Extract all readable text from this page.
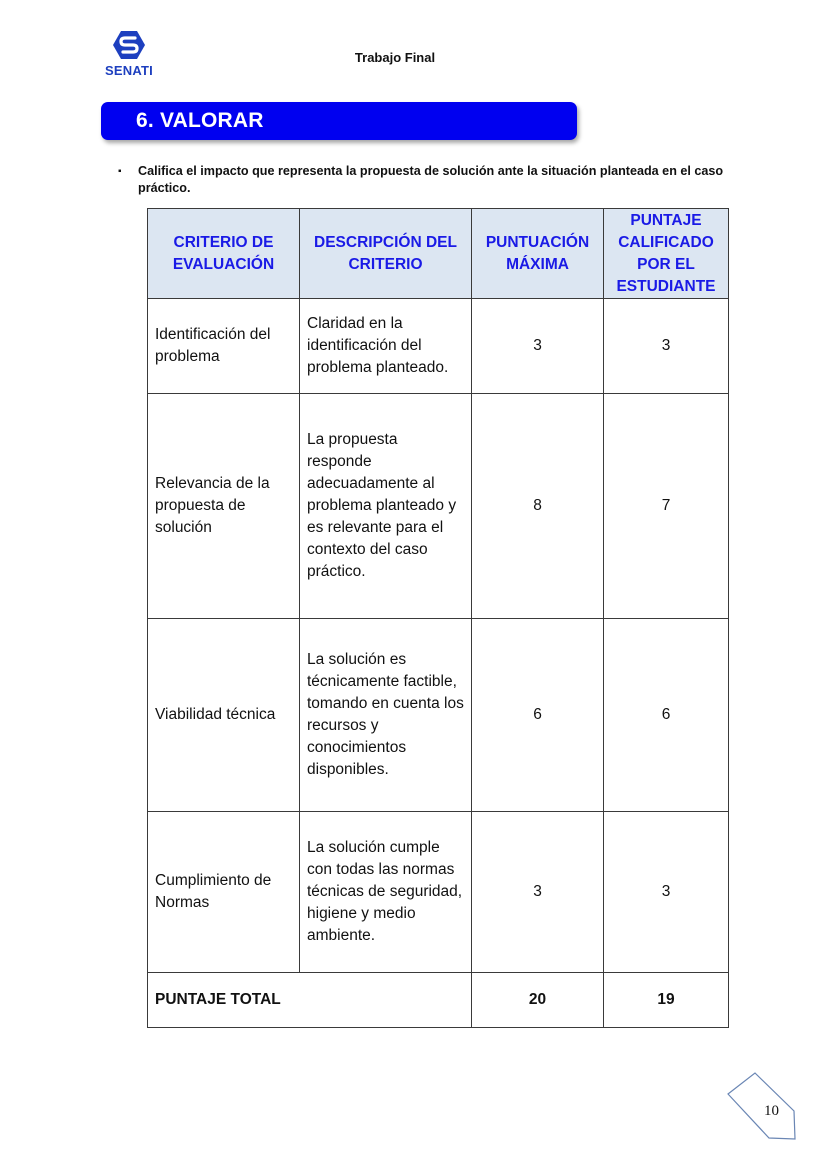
SENATI
Trabajo Final
6. VALORAR
▪ Califica el impacto que representa la propuesta de solución ante la situación planteada en el caso práctico.
CRITERIO DE EVALUACIÓN	DESCRIPCIÓN DEL CRITERIO	PUNTUACIÓN MÁXIMA	PUNTAJE CALIFICADO POR EL ESTUDIANTE
Identificación del problema	Claridad en la identificación del problema planteado.	3	3
Relevancia de la propuesta de solución	La propuesta responde adecuadamente al problema planteado y es relevante para el contexto del caso práctico.	8	7
Viabilidad técnica	La solución es técnicamente factible, tomando en cuenta los recursos y conocimientos disponibles.	6	6
Cumplimiento de Normas	La solución cumple con todas las normas técnicas de seguridad, higiene y medio ambiente.	3	3
PUNTAJE TOTAL		20	19
10
